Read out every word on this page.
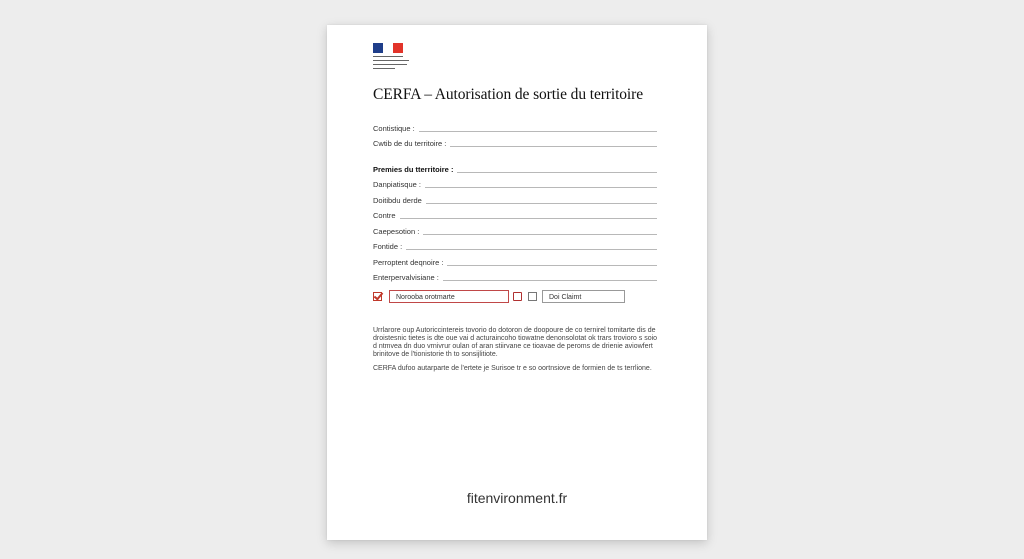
CERFA – Autorisation de sortie du territoire
Contistique :
Cwtib de du territoire :
Premies du tterritoire :
Danpiatisque :
Doitibdu derde
Contre
Caepesotion :
Fontide :
Perroptent deqnoire :
Enterpervalvisiane :
Norooba orotmarte	Doi Claimt
Urrlarore oup Autoriccintereis tovorio do dotoron de doopoure de co ternirel tomitarte dis de droistesnic tietes is dte oue vai d acturaincoho tiowatne denonsolotat ok trars trovioro s soio d ntmvea dn duo vrnivrur oulan of aran stiirvane ce tioavae de peroms de drienie aviowfert brinitove de l'tionistorie th to sonsijlitiote.
CERFA dufoo autarparte de l'ertete je Surisoe tr e so oortnsiove de formien de ts terrlione.
fitenvironment.fr
